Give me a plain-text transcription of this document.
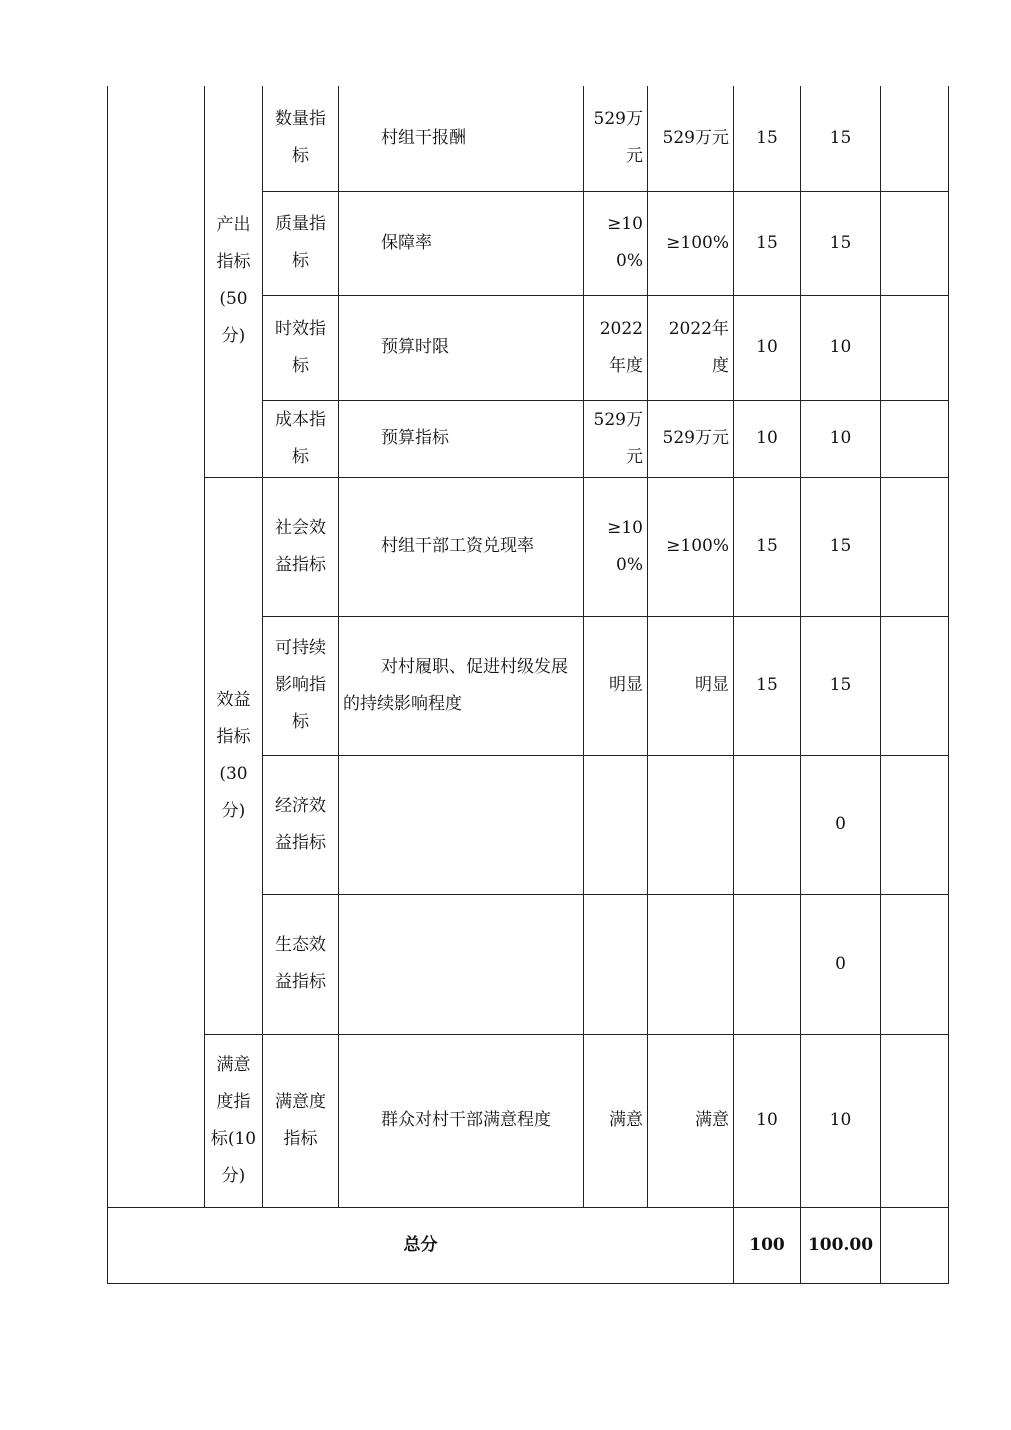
	产出指标(50分)	数量指标	村组干报酬	529万元	529万元	15	15	

		质量指标	保障率	≥100%	≥100%	15	15	

		时效指标	预算时限	2022年度	2022年度	10	10	

		成本指标	预算指标	529万元	529万元	10	10	

	效益指标(30分)	社会效益指标	村组干部工资兑现率	≥100%	≥100%	15	15	

		可持续影响指标	对村履职、促进村级发展的持续影响程度	明显	明显	15	15	

		经济效益指标					0	

		生态效益指标					0	

	满意度指标(10分)	满意度指标	群众对村干部满意程度	满意	满意	10	10	
总分						100	100.00	
